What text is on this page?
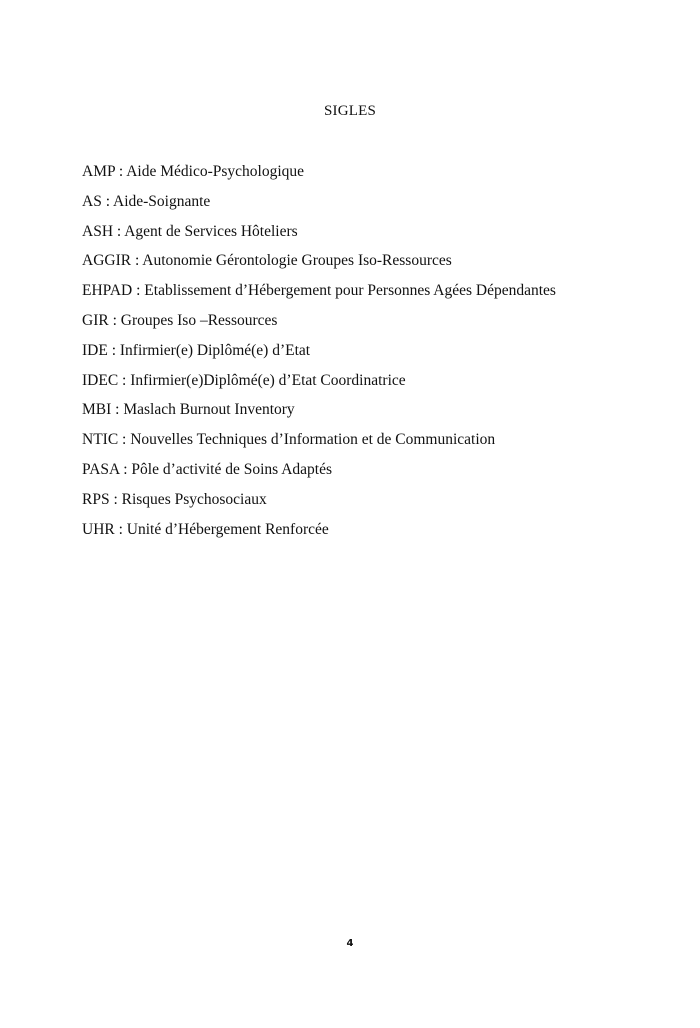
SIGLES
AMP : Aide Médico-Psychologique
AS : Aide-Soignante
ASH : Agent de Services Hôteliers
AGGIR : Autonomie Gérontologie Groupes Iso-Ressources
EHPAD : Etablissement d’Hébergement pour Personnes Agées Dépendantes
GIR : Groupes Iso –Ressources
IDE : Infirmier(e) Diplômé(e) d’Etat
IDEC : Infirmier(e)Diplômé(e) d’Etat Coordinatrice
MBI : Maslach Burnout Inventory
NTIC : Nouvelles Techniques d’Information et de Communication
PASA : Pôle d’activité de Soins Adaptés
RPS : Risques Psychosociaux
UHR : Unité d’Hébergement Renforcée
4
